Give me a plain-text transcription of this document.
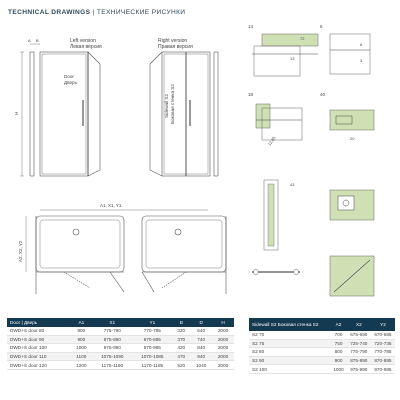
TECHNICAL DRAWINGS | ТЕХНИЧЕСКИЕ РИСУНКИ
H
A B	Left version
Левая версия
Door
Дверь
Right version
Правая версия
Sidewall S2 Боковая стенка S2
A1, X1, Y1
A2, X2, Y2
14
13
72
6
6
3
18
12.85
40
20
43
Door | Дверь	A1	X1	Y1	B	D	H
DWD+S door 80	800	775-790	770-785	320	640	2000
DWD+S door 90	900	875-890	870-885	370	740	2000
DWD+S door 100	1000	975-990	970-985	420	840	2000
DWD+S door 110	1100	1075-1090	1070-1085	470	940	2000
DWD+S door 120	1200	1175-1190	1170-1185	520	1040	2000
Sidewall S2 Боковая стенка S2	A2	X2	Y2
S2 70	700	675-690	670-685
S2 75	750	725-740	720-735
S2 80	800	775-790	770-785
S2 90	900	875-890	870-885
S2 100	1000	975-990	970-985
